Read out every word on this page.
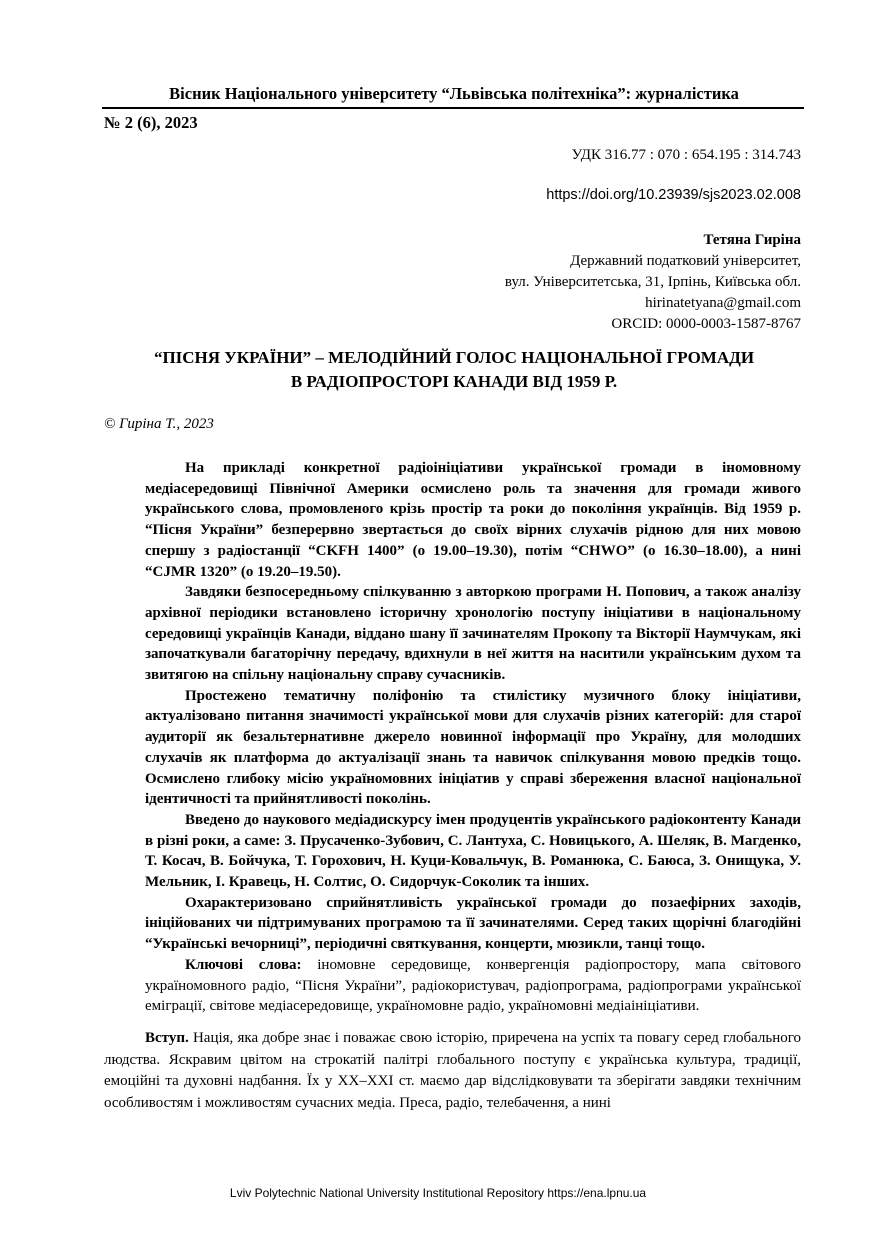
Вісник Національного університету “Львівська політехніка”: журналістика
№ 2 (6), 2023
УДК 316.77 : 070 : 654.195 : 314.743
https://doi.org/10.23939/sjs2023.02.008
Тетяна Гиріна
Державний податковий університет,
вул. Університетська, 31, Ірпінь, Київська обл.
hirinatetyana@gmail.com
ORCID: 0000-0003-1587-8767
“ПІСНЯ УКРАЇНИ” – МЕЛОДІЙНИЙ ГОЛОС НАЦІОНАЛЬНОЇ ГРОМАДИ
В РАДІОПРОСТОРІ КАНАДИ ВІД 1959 Р.
© Гиріна Т., 2023

На прикладі конкретної радіоініціативи української громади в іномовному медіасередовищі Північної Америки осмислено роль та значення для громади живого українського слова, промовленого крізь простір та роки до покоління українців. Від 1959 р. “Пісня України” безперервно звертається до своїх вірних слухачів рідною для них мовою спершу з радіостанції “CKFH 1400” (о 19.00–19.30), потім “CHWO” (о 16.30–18.00), а нині “CJMR 1320” (о 19.20–19.50).

Завдяки безпосередньому спілкуванню з авторкою програми Н. Попович, а також аналізу архівної періодики встановлено історичну хронологію поступу ініціативи в національному середовищі українців Канади, віддано шану її зачинателям Прокопу та Вікторії Наумчукам, які започаткували багаторічну передачу, вдихнули в неї життя на наситили українським духом та звитягою на спільну національну справу сучасників.

Простежено тематичну поліфонію та стилістику музичного блоку ініціативи, актуалізовано питання значимості української мови для слухачів різних категорій: для старої аудиторії як безальтернативне джерело новинної інформації про Україну, для молодших слухачів як платформа до актуалізації знань та навичок спілкування мовою предків тощо. Осмислено глибоку місію україномовних ініціатив у справі збереження власної національної ідентичності та прийнятливості поколінь.

Введено до наукового медіадискурсу імен продуцентів українського радіоконтенту Канади в різні роки, а саме: З. Прусаченко-Зубович, С. Лантуха, С. Новицького, А. Шеляк, В. Магденко, Т. Косач, В. Бойчука, Т. Горохович, Н. Куци-Ковальчук, В. Романюка, С. Баюса, З. Онищука, У. Мельник, І. Кравець, Н. Солтис, О. Сидорчук-Соколик та інших.

Охарактеризовано сприйнятливість української громади до позаефірних заходів, ініційованих чи підтримуваних програмою та її зачинателями. Серед таких щорічні благодійні “Українські вечорниці”, періодичні святкування, концерти, мюзикли, танці тощо.

Ключові слова: іномовне середовище, конвергенція радіопростору, мапа світового україномовного радіо, “Пісня України”, радіокористувач, радіопрограма, радіопрограми української еміграції, світове медіасередовище, україномовне радіо, україномовні медіаініціативи.

Вступ. Нація, яка добре знає і поважає свою історію, приречена на успіх та повагу серед глобального людства. Яскравим цвітом на строкатій палітрі глобального поступу є українська культура, традиції, емоційні та духовні надбання. Їх у XX–XXI ст. маємо дар відслідковувати та зберігати завдяки технічним особливостям і можливостям сучасних медіа. Преса, радіо, телебачення, а нині

Lviv Polytechnic National University Institutional Repository https://ena.lpnu.ua
